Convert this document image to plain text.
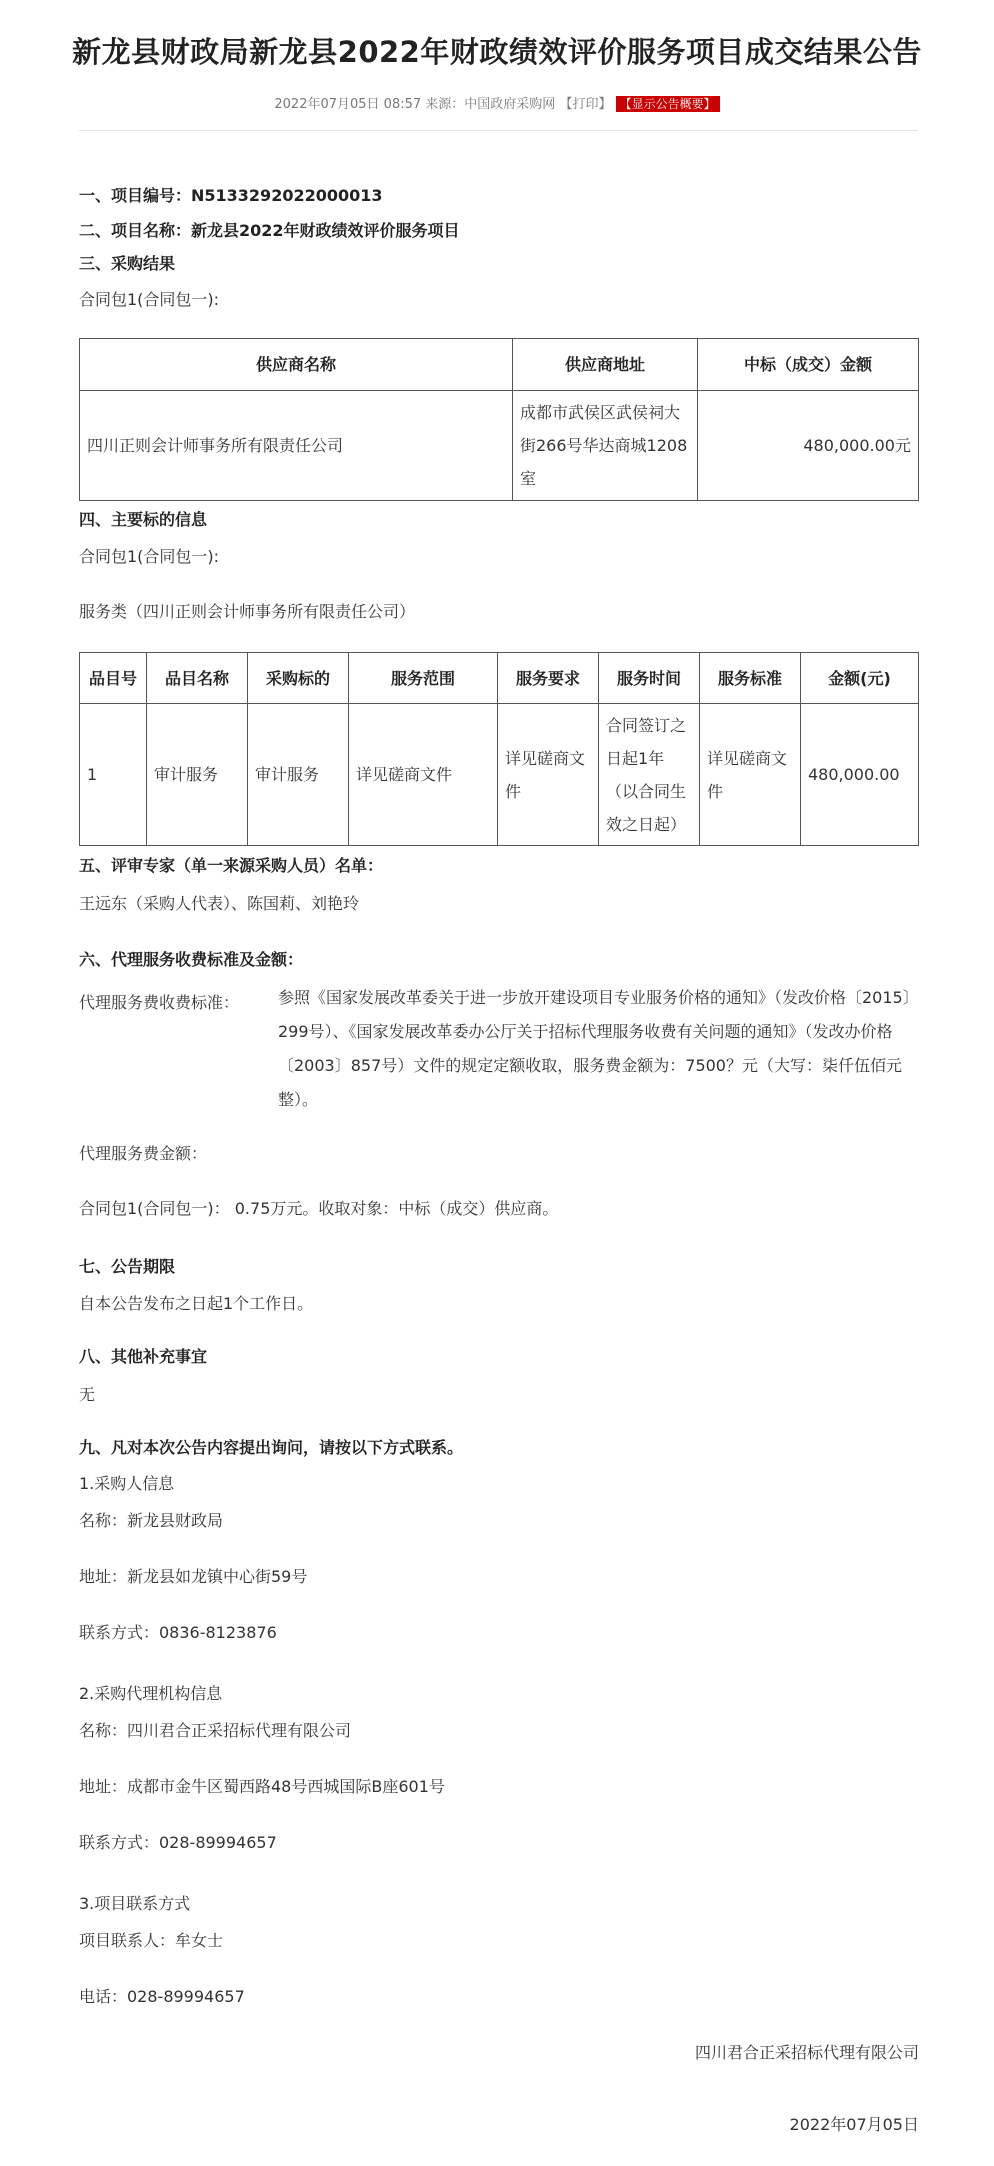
新龙县财政局新龙县2022年财政绩效评价服务项目成交结果公告
2022年07月05日 08:57 来源：中国政府采购网 【打印】 【显示公告概要】
一、项目编号：N5133292022000013
二、项目名称：新龙县2022年财政绩效评价服务项目
三、采购结果
合同包1(合同包一):
供应商名称	供应商地址	中标（成交）金额
四川正则会计师事务所有限责任公司	成都市武侯区武侯祠大街266号华达商城1208室	480,000.00元
四、主要标的信息
合同包1(合同包一):
服务类（四川正则会计师事务所有限责任公司）
品目号	品目名称	采购标的	服务范围	服务要求	服务时间	服务标准	金额(元)
1	审计服务	审计服务	详见磋商文件	详见磋商文件	合同签订之日起1年（以合同生效之日起）	详见磋商文件	480,000.00
五、评审专家（单一来源采购人员）名单：
王远东（采购人代表）、陈国莉、刘艳玲
六、代理服务收费标准及金额：
代理服务费收费标准： 参照《国家发展改革委关于进一步放开建设项目专业服务价格的通知》（发改价格〔2015〕299号）、《国家发展改革委办公厅关于招标代理服务收费有关问题的通知》（发改办价格〔2003〕857号）文件的规定定额收取，服务费金额为：7500？元（大写：柒仟伍佰元整）。
代理服务费金额：
合同包1(合同包一)： 0.75万元。收取对象：中标（成交）供应商。
七、公告期限
自本公告发布之日起1个工作日。
八、其他补充事宜
无
九、凡对本次公告内容提出询问，请按以下方式联系。
1.采购人信息
名称：新龙县财政局
地址：新龙县如龙镇中心街59号
联系方式：0836-8123876
2.采购代理机构信息
名称：四川君合正采招标代理有限公司
地址：成都市金牛区蜀西路48号西城国际B座601号
联系方式：028-89994657
3.项目联系方式
项目联系人：牟女士
电话：028-89994657
四川君合正采招标代理有限公司
2022年07月05日
